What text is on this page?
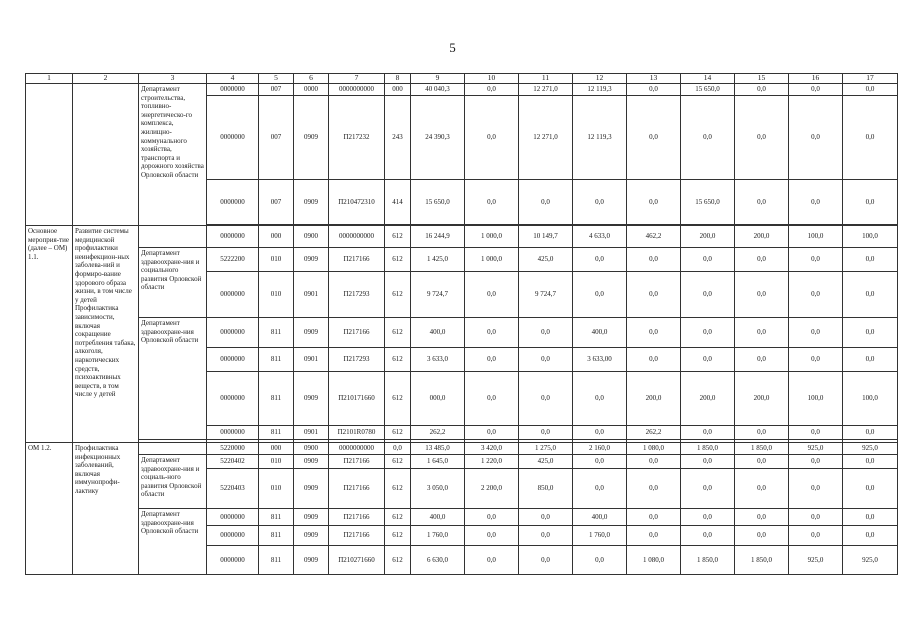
5
1	2	3	4	5	6	7	8	9	10	11	12	13	14	15	16	17
		Департамент строительства, топливно-энергетическо-го комплекса, жилищно-коммунального хозяйства, транспорта и дорожного хозяйства Орловской области	0000000	007	0000	0000000000	000	40 040,3	0,0	12 271,0	12 119,3	0,0	15 650,0	0,0	0,0	0,0
			0000000	007	0909	П217232	243	24 390,3	0,0	12 271,0	12 119,3	0,0	0,0	0,0	0,0	0,0
			0000000	007	0909	П210472310	414	15 650,0	0,0	0,0	0,0	0,0	15 650,0	0,0	0,0	0,0

Основное мероприя-тие (далее – ОМ) 1.1.	Развитие системы медицинской профилактики неинфекцион-ных заболева-ний и формиро-вание здорового образа жизни, в том числе у детей Профилактика зависимости, включая сокращение потребления табака, алкоголя, наркотических средств, психоактивных веществ, в том числе у детей		0000000	000	0900	0000000000	612	16 244,9	1 000,0	10 149,7	4 633,0	462,2	200,0	200,0	100,0	100,0
		Департамент здравоохране-ния и социального развития Орловской области	5222200	010	0909	П217166	612	1 425,0	1 000,0	425,0	0,0	0,0	0,0	0,0	0,0	0,0
			0000000	010	0901	П217293	612	9 724,7	0,0	9 724,7	0,0	0,0	0,0	0,0	0,0	0,0
		Департамент здравоохране-ния Орловской области	0000000	811	0909	П217166	612	400,0	0,0	0,0	400,0	0,0	0,0	0,0	0,0	0,0
			0000000	811	0901	П217293	612	3 633,0	0,0	0,0	3 633,00	0,0	0,0	0,0	0,0	0,0
			0000000	811	0909	П210171660	612	000,0	0,0	0,0	0,0	200,0	200,0	200,0	100,0	100,0
			0000000	811	0901	П2101R0780	612	262,2	0,0	0,0	0,0	262,2	0,0	0,0	0,0	0,0

ОМ 1.2.	Профилактика инфекционных заболеваний, включая иммунопрофи-лактику		5220000	000	0900	0000000000	0,0	13 485,0	3 420,0	1 275,0	2 160,0	1 080,0	1 850,0	1 850,0	925,0	925,0
		Департамент здравоохране-ния и социаль-ного развития Орловской области	5220402	010	0909	П217166	612	1 645,0	1 220,0	425,0	0,0	0,0	0,0	0,0	0,0	0,0
			5220403	010	0909	П217166	612	3 050,0	2 200,0	850,0	0,0	0,0	0,0	0,0	0,0	0,0
		Департамент здравоохране-ния Орловской области	0000000	811	0909	П217166	612	400,0	0,0	0,0	400,0	0,0	0,0	0,0	0,0	0,0
			0000000	811	0909	П217166	612	1 760,0	0,0	0,0	1 760,0	0,0	0,0	0,0	0,0	0,0
			0000000	811	0909	П210271660	612	6 630,0	0,0	0,0	0,0	1 080,0	1 850,0	1 850,0	925,0	925,0
